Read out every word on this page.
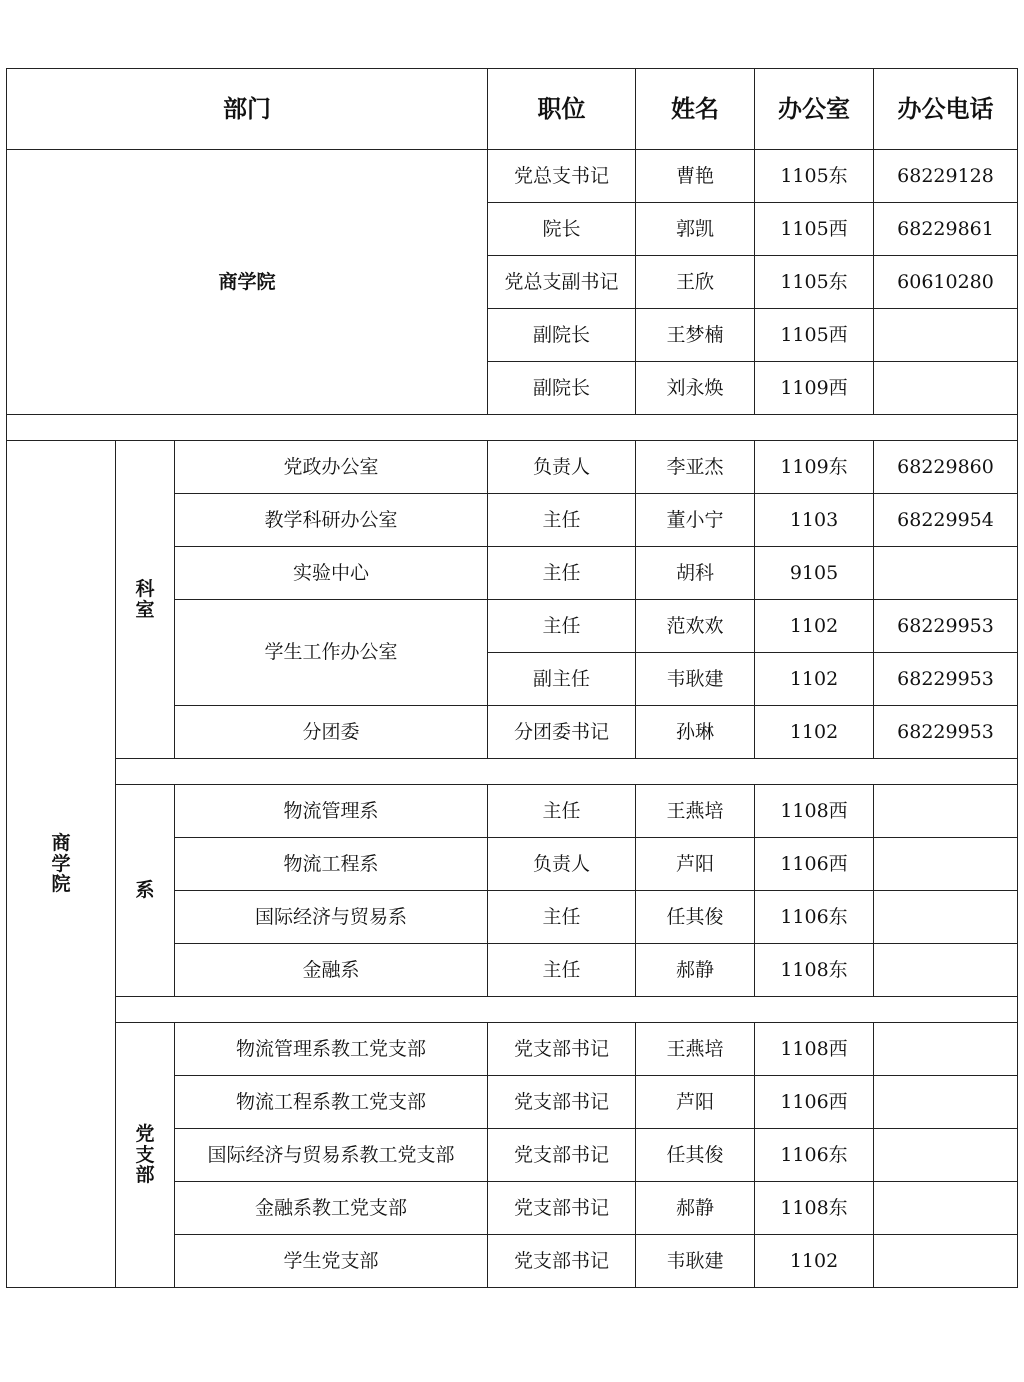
部门			职位	姓名	办公室	办公电话
商学院			党总支书记	曹艳	1105东	68229128
			院长	郭凯	1105西	68229861
			党总支副书记	王欣	1105东	60610280
			副院长	王梦楠	1105西	
			副院长	刘永焕	1109西	

商学院	科室	党政办公室	负责人	李亚杰	1109东	68229860
		教学科研办公室	主任	董小宁	1103	68229954
		实验中心	主任	胡科	9105	
		学生工作办公室	主任	范欢欢	1102	68229953
			副主任	韦耿建	1102	68229953
		分团委	分团委书记	孙琳	1102	68229953

	系	物流管理系	主任	王燕培	1108西	
		物流工程系	负责人	芦阳	1106西	
		国际经济与贸易系	主任	任其俊	1106东	
		金融系	主任	郝静	1108东	

	党支部	物流管理系教工党支部	党支部书记	王燕培	1108西	
		物流工程系教工党支部	党支部书记	芦阳	1106西	
		国际经济与贸易系教工党支部	党支部书记	任其俊	1106东	
		金融系教工党支部	党支部书记	郝静	1108东	
		学生党支部	党支部书记	韦耿建	1102	
